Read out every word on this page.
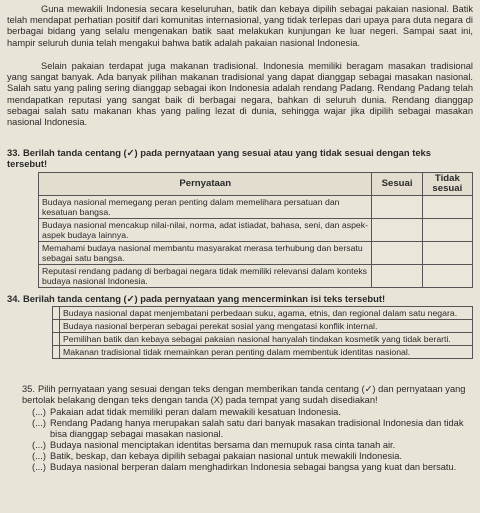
Guna mewakili Indonesia secara keseluruhan, batik dan kebaya dipilih sebagai pakaian nasional. Batik telah mendapat perhatian positif dari komunitas internasional, yang tidak terlepas dari upaya para duta negara di berbagai bidang yang selalu mengenakan batik saat melakukan kunjungan ke luar negeri. Sampai saat ini, hampir seluruh dunia telah mengakui bahwa batik adalah pakaian nasional Indonesia.

Selain pakaian terdapat juga makanan tradisional. Indonesia memiliki beragam masakan tradisional yang sangat banyak. Ada banyak pilihan makanan tradisional yang dapat dianggap sebagai masakan nasional. Salah satu yang paling sering dianggap sebagai ikon Indonesia adalah rendang Padang. Rendang Padang telah mendapatkan reputasi yang sangat baik di berbagai negara, bahkan di seluruh dunia. Rendang dianggap sebagai salah satu makanan khas yang paling lezat di dunia, sehingga wajar jika dipilih sebagai masakan nasional Indonesia.

33. Berilah tanda centang (✓) pada pernyataan yang sesuai atau yang tidak sesuai dengan teks tersebut!
Pernyataan	Sesuai	Tidak sesuai
Budaya nasional memegang peran penting dalam memelihara persatuan dan kesatuan bangsa.		
Budaya nasional mencakup nilai-nilai, norma, adat istiadat, bahasa, seni, dan aspek-aspek budaya lainnya.		
Memahami budaya nasional membantu masyarakat merasa terhubung dan bersatu sebagai satu bangsa.		
Reputasi rendang padang di berbagai negara tidak memiliki relevansi dalam konteks budaya nasional Indonesia.		
34. Berilah tanda centang (✓) pada pernyataan yang mencerminkan isi teks tersebut!
	Budaya nasional dapat menjembatani perbedaan suku, agama, etnis, dan regional dalam satu negara.
	Budaya nasional berperan sebagai perekat sosial yang mengatasi konflik internal.
	Pemilihan batik dan kebaya sebagai pakaian nasional hanyalah tindakan kosmetik yang tidak berarti.
	Makanan tradisional tidak memainkan peran penting dalam membentuk identitas nasional.
35. Pilih pernyataan yang sesuai dengan teks dengan memberikan tanda centang (✓) dan pernyataan yang bertolak belakang dengan teks dengan tanda (X) pada tempat yang sudah disediakan!
(...) Pakaian adat tidak memiliki peran dalam mewakili kesatuan Indonesia.
(...) Rendang Padang hanya merupakan salah satu dari banyak masakan tradisional Indonesia dan tidak bisa dianggap sebagai masakan nasional.
(...) Budaya nasional menciptakan identitas bersama dan memupuk rasa cinta tanah air.
(...) Batik, beskap, dan kebaya dipilih sebagai pakaian nasional untuk mewakili Indonesia.
(...) Budaya nasional berperan dalam menghadirkan Indonesia sebagai bangsa yang kuat dan bersatu.
